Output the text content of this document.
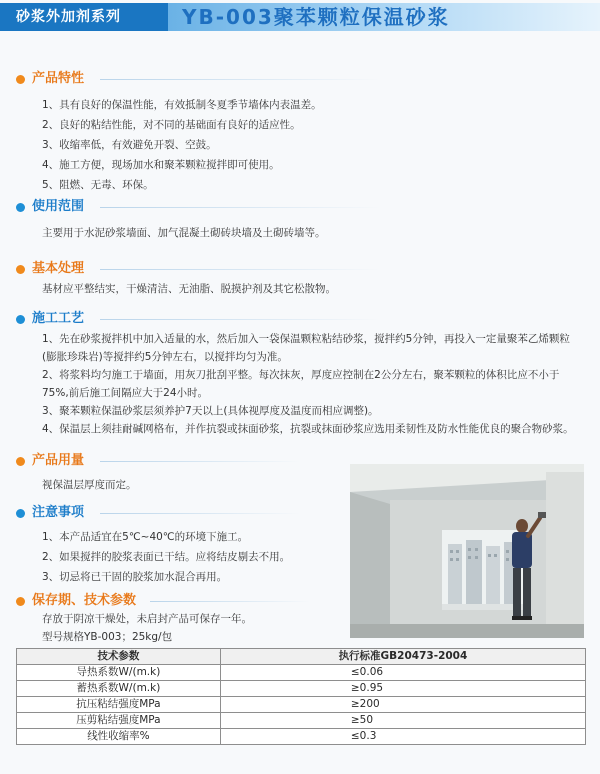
砂浆外加剂系列	YB-003聚苯颗粒保温砂浆
产品特性
1、具有良好的保温性能，有效抵制冬夏季节墙体内表温差。
2、良好的粘结性能，对不同的基础面有良好的适应性。
3、收缩率低，有效避免开裂、空鼓。
4、施工方便，现场加水和聚苯颗粒搅拌即可使用。
5、阻燃、无毒、环保。
使用范围
主要用于水泥砂浆墙面、加气混凝土砌砖块墙及土砌砖墙等。
基本处理
基材应平整结实，干燥清洁、无油脂、脱摸护剂及其它松散物。
施工工艺
1、先在砂浆搅拌机中加入适量的水，然后加入一袋保温颗粒粘结砂浆，搅拌约5分钟，再投入一定量聚苯乙烯颗粒(膨胀珍珠岩)等搅拌约5分钟左右，以搅拌均匀为准。
2、将浆料均匀施工于墙面，用灰刀批刮平整。每次抹灰，厚度应控制在2公分左右，聚苯颗粒的体积比应不小于75%,前后施工间隔应大于24小时。
3、聚苯颗粒保温砂浆层须养护7天以上(具体视厚度及温度而相应调整)。
4、保温层上须挂耐碱网格布，并作抗裂或抹面砂浆，抗裂或抹面砂浆应选用柔韧性及防水性能优良的聚合物砂浆。
产品用量
视保温层厚度而定。
注意事项
1、本产品适宜在5℃~40℃的环境下施工。
2、如果搅拌的胶浆表面已干结。应将结皮剔去不用。
3、切忌将已干固的胶浆加水混合再用。
保存期、技术参数
存放于阴凉干燥处，未启封产品可保存一年。
型号规格YB-003；25kg/包
技术参数	执行标准GB20473-2004
导热系数W/(m.k)	≤0.06
蓄热系数W/(m.k)	≥0.95
抗压粘结强度MPa	≥200
压剪粘结强度MPa	≥50
线性收缩率%	≤0.3
